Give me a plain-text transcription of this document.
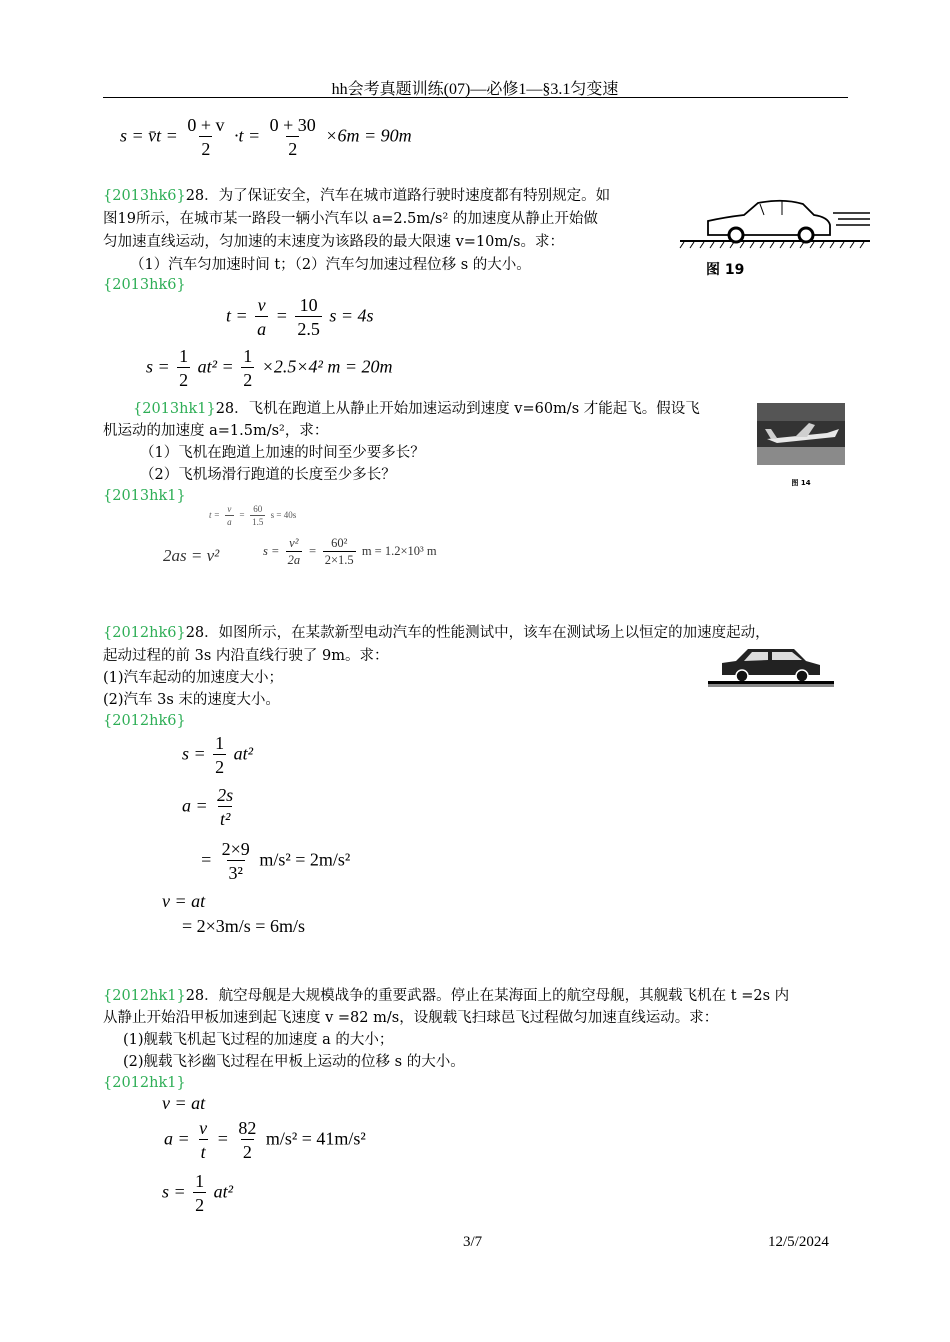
hh会考真题训练(07)—必修1—§3.1匀变速
s = v̄t = $\frac{0 + v}{2} \cdot t = \frac{0 + 30}{2} \times 6m = 90m$
{2013hk6}28．为了保证安全，汽车在城市道路行驶时速度都有特别规定。如
图19所示，在城市某一路段一辆小汽车以 a=2.5m/s² 的加速度从静止开始做
匀加速直线运动，匀加速的末速度为该路段的最大限速 v=10m/s。求：
（1）汽车匀加速时间 t；（2）汽车匀加速过程位移 s 的大小。
{2013hk6}
图 19
$t = \frac{v}{a} = \frac{10}{2.5}$ s = 4s
$s = \frac{1}{2} at^2 = \frac{1}{2} \times 2.5\times 4^2$ m = 20m
{2013hk1}28．飞机在跑道上从静止开始加速运动到速度 v=60m/s 才能起飞。假设飞
机运动的加速度 a=1.5m/s²，求：
（1）飞机在跑道上加速的时间至少要多长？
（2）飞机场滑行跑道的长度至少多长？
{2013hk1}
图 14
$t = \frac{v}{a} = \frac{60}{1.5}$ s = 40s
2as = v²	$s = \frac{\text{v²}}{2a} = \frac{\text{60²}}{2\times 1.5}$ m = 1.2×10³ m
{2012hk6}28．如图所示，在某款新型电动汽车的性能测试中，该车在测试场上以恒定的加速度起动，
起动过程的前 3s 内沿直线行驶了 9m。求：
(1)汽车起动的加速度大小；
(2)汽车 3s 末的速度大小。
{2012hk6}
$s = \frac{1}{2} at^2$
$a = \frac{2s}{\text{t²}}$
= $\frac{2\times 9}{\text{3²}} m/s^2 = 2m/s^2$
v = at
= 2×3m/s = 6m/s
{2012hk1}28．航空母舰是大规模战争的重要武器。停止在某海面上的航空母舰，其舰载飞机在 t =2s 内
从静止开始沿甲板加速到起飞速度 v =82 m/s，设舰载飞扫球邑飞过程做匀加速直线运动。求：
(1)舰载飞机起飞过程的加速度 a 的大小；
(2)舰载飞衫幽飞过程在甲板上运动的位移 s 的大小。
{2012hk1}
v = at
$a = \frac{v}{t} = \frac{82}{2} m/s^2 = 41m/s^2$
$s = \frac{1}{2} at^2$
3/7	12/5/2024
